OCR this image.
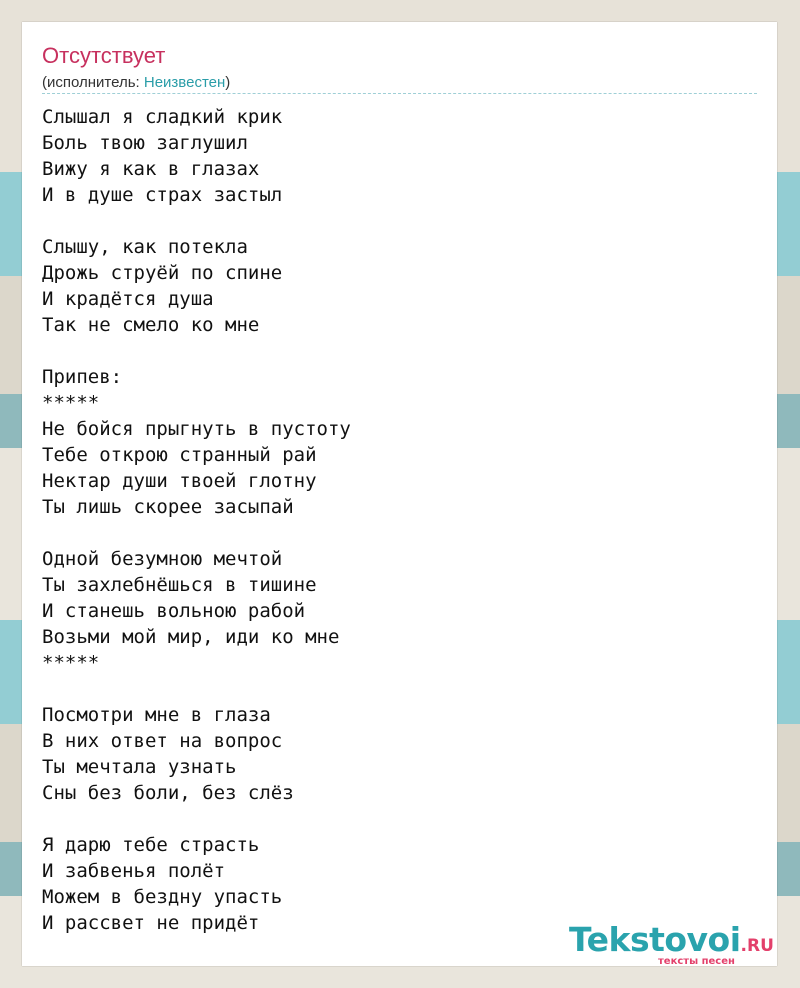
Отсутствует
(исполнитель: Неизвестен)
Слышал я сладкий крик
Боль твою заглушил
Вижу я как в глазах
И в душе страх застыл

Слышу, как потекла
Дрожь струёй по спине
И крадётся душа
Так не смело ко мне

Припев:
*****
Не бойся прыгнуть в пустоту
Тебе открою странный рай
Нектар души твоей глотну
Ты лишь скорее засыпай

Одной безумною мечтой
Ты захлебнёшься в тишине
И станешь вольною рабой
Возьми мой мир, иди ко мне
*****

Посмотри мне в глаза
В них ответ на вопрос
Ты мечтала узнать
Сны без боли, без слёз

Я дарю тебе страсть
И забвенья полёт
Можем в бездну упасть
И рассвет не придёт	Tekstovoi.RU
тексты песен
